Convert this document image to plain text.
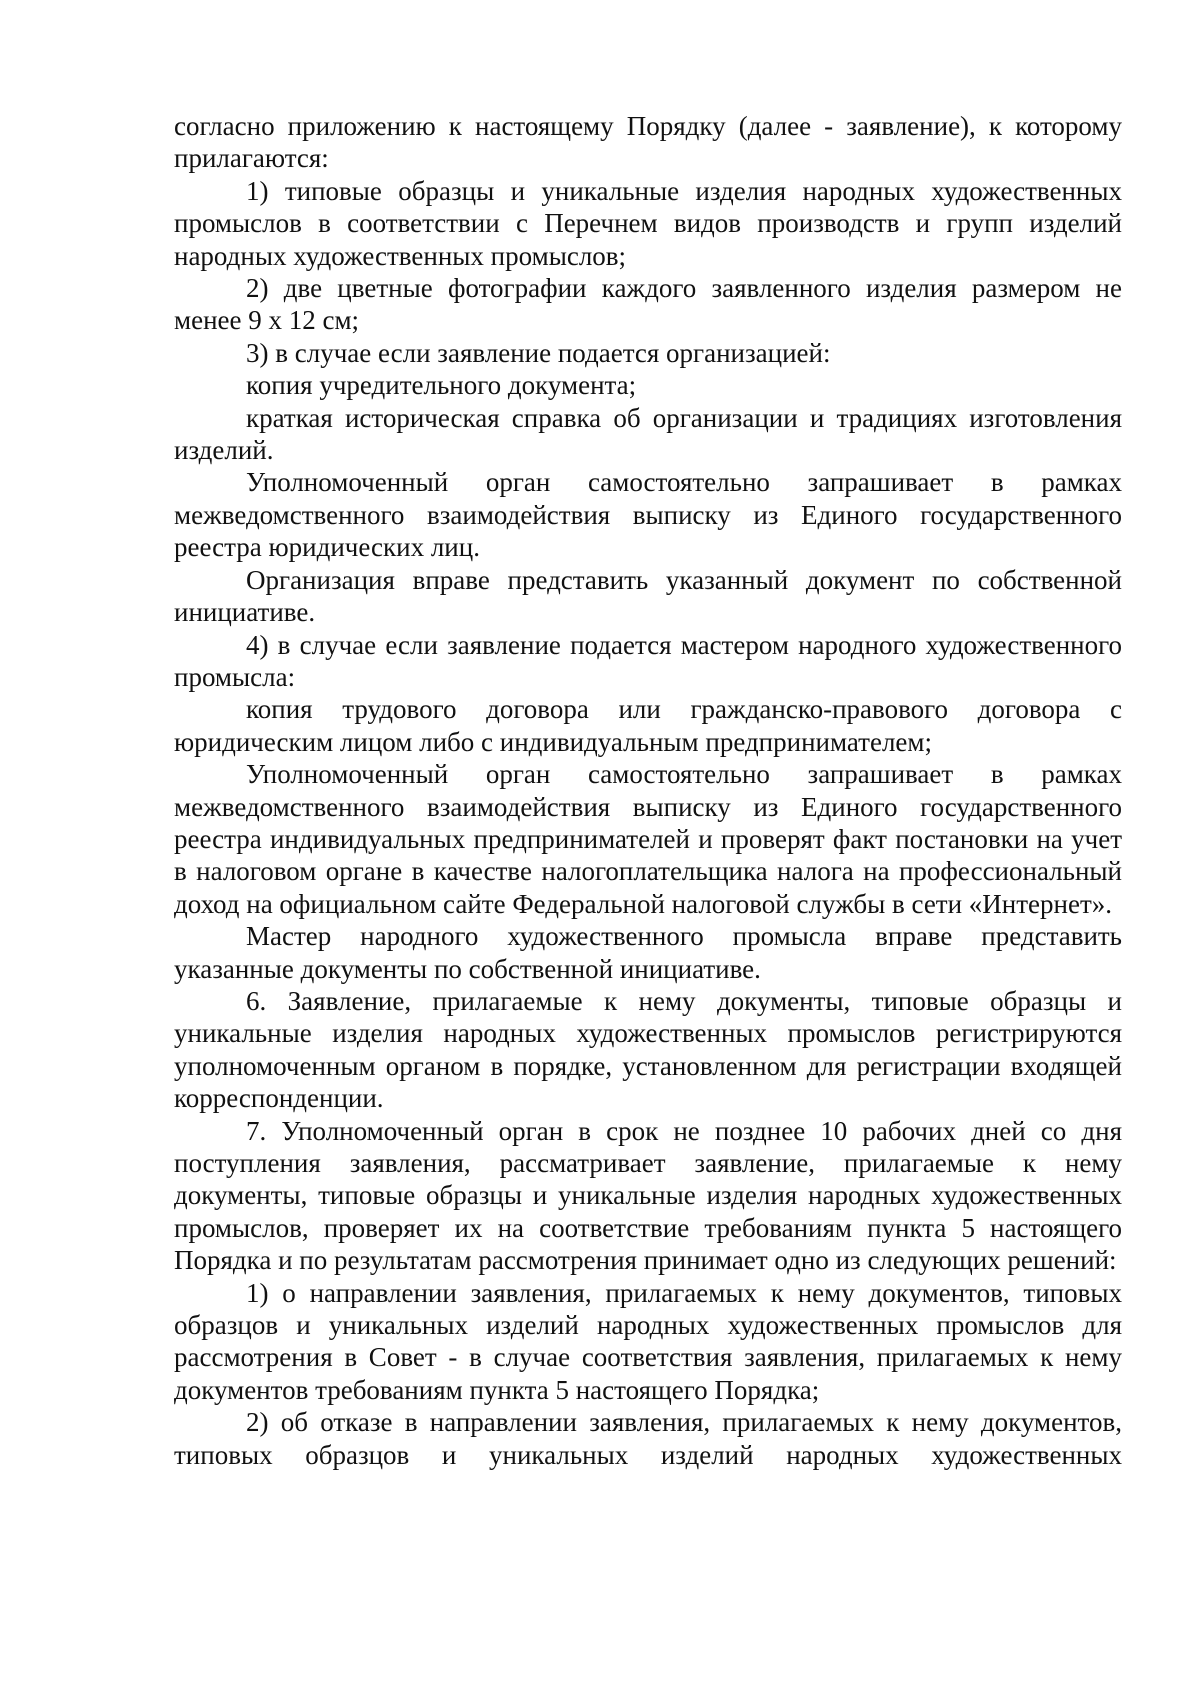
согласно приложению к настоящему Порядку (далее - заявление), к которому прилагаются:

1) типовые образцы и уникальные изделия народных художественных промыслов в соответствии с Перечнем видов производств и групп изделий народных художественных промыслов;

2) две цветные фотографии каждого заявленного изделия размером не менее 9 х 12 см;

3) в случае если заявление подается организацией:

копия учредительного документа;

краткая историческая справка об организации и традициях изготовления изделий.

Уполномоченный орган самостоятельно запрашивает в рамках межведомственного взаимодействия выписку из Единого государственного реестра юридических лиц.

Организация вправе представить указанный документ по собственной инициативе.

4) в случае если заявление подается мастером народного художественного промысла:

копия трудового договора или гражданско-правового договора с юридическим лицом либо с индивидуальным предпринимателем;

Уполномоченный орган самостоятельно запрашивает в рамках межведомственного взаимодействия выписку из Единого государственного реестра индивидуальных предпринимателей и проверят факт постановки на учет в налоговом органе в качестве налогоплательщика налога на профессиональный доход на официальном сайте Федеральной налоговой службы в сети «Интернет».

Мастер народного художественного промысла вправе представить указанные документы по собственной инициативе.

6. Заявление, прилагаемые к нему документы, типовые образцы и уникальные изделия народных художественных промыслов регистрируются уполномоченным органом в порядке, установленном для регистрации входящей корреспонденции.

7. Уполномоченный орган в срок не позднее 10 рабочих дней со дня поступления заявления, рассматривает заявление, прилагаемые к нему документы, типовые образцы и уникальные изделия народных художественных промыслов, проверяет их на соответствие требованиям пункта 5 настоящего Порядка и по результатам рассмотрения принимает одно из следующих решений:

1) о направлении заявления, прилагаемых к нему документов, типовых образцов и уникальных изделий народных художественных промыслов для рассмотрения в Совет - в случае соответствия заявления, прилагаемых к нему документов требованиям пункта 5 настоящего Порядка;

2) об отказе в направлении заявления, прилагаемых к нему документов, типовых образцов и уникальных изделий народных художественных
